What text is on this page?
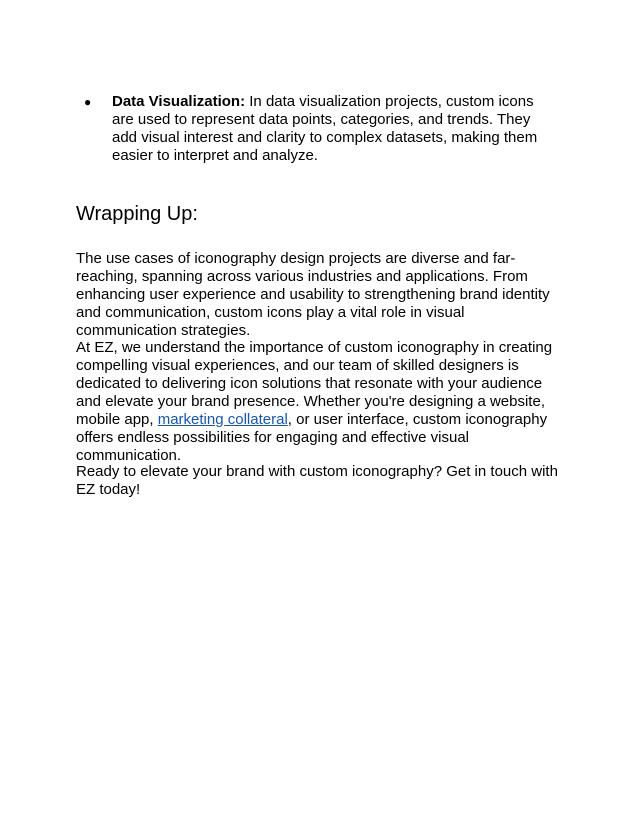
●	Data Visualization: In data visualization projects, custom icons are used to represent data points, categories, and trends. They add visual interest and clarity to complex datasets, making them easier to interpret and analyze.
Wrapping Up:

The use cases of iconography design projects are diverse and far-reaching, spanning across various industries and applications. From enhancing user experience and usability to strengthening brand identity and communication, custom icons play a vital role in visual communication strategies.

At EZ, we understand the importance of custom iconography in creating compelling visual experiences, and our team of skilled designers is dedicated to delivering icon solutions that resonate with your audience and elevate your brand presence. Whether you're designing a website, mobile app, marketing collateral, or user interface, custom iconography offers endless possibilities for engaging and effective visual communication.

Ready to elevate your brand with custom iconography? Get in touch with EZ today!
